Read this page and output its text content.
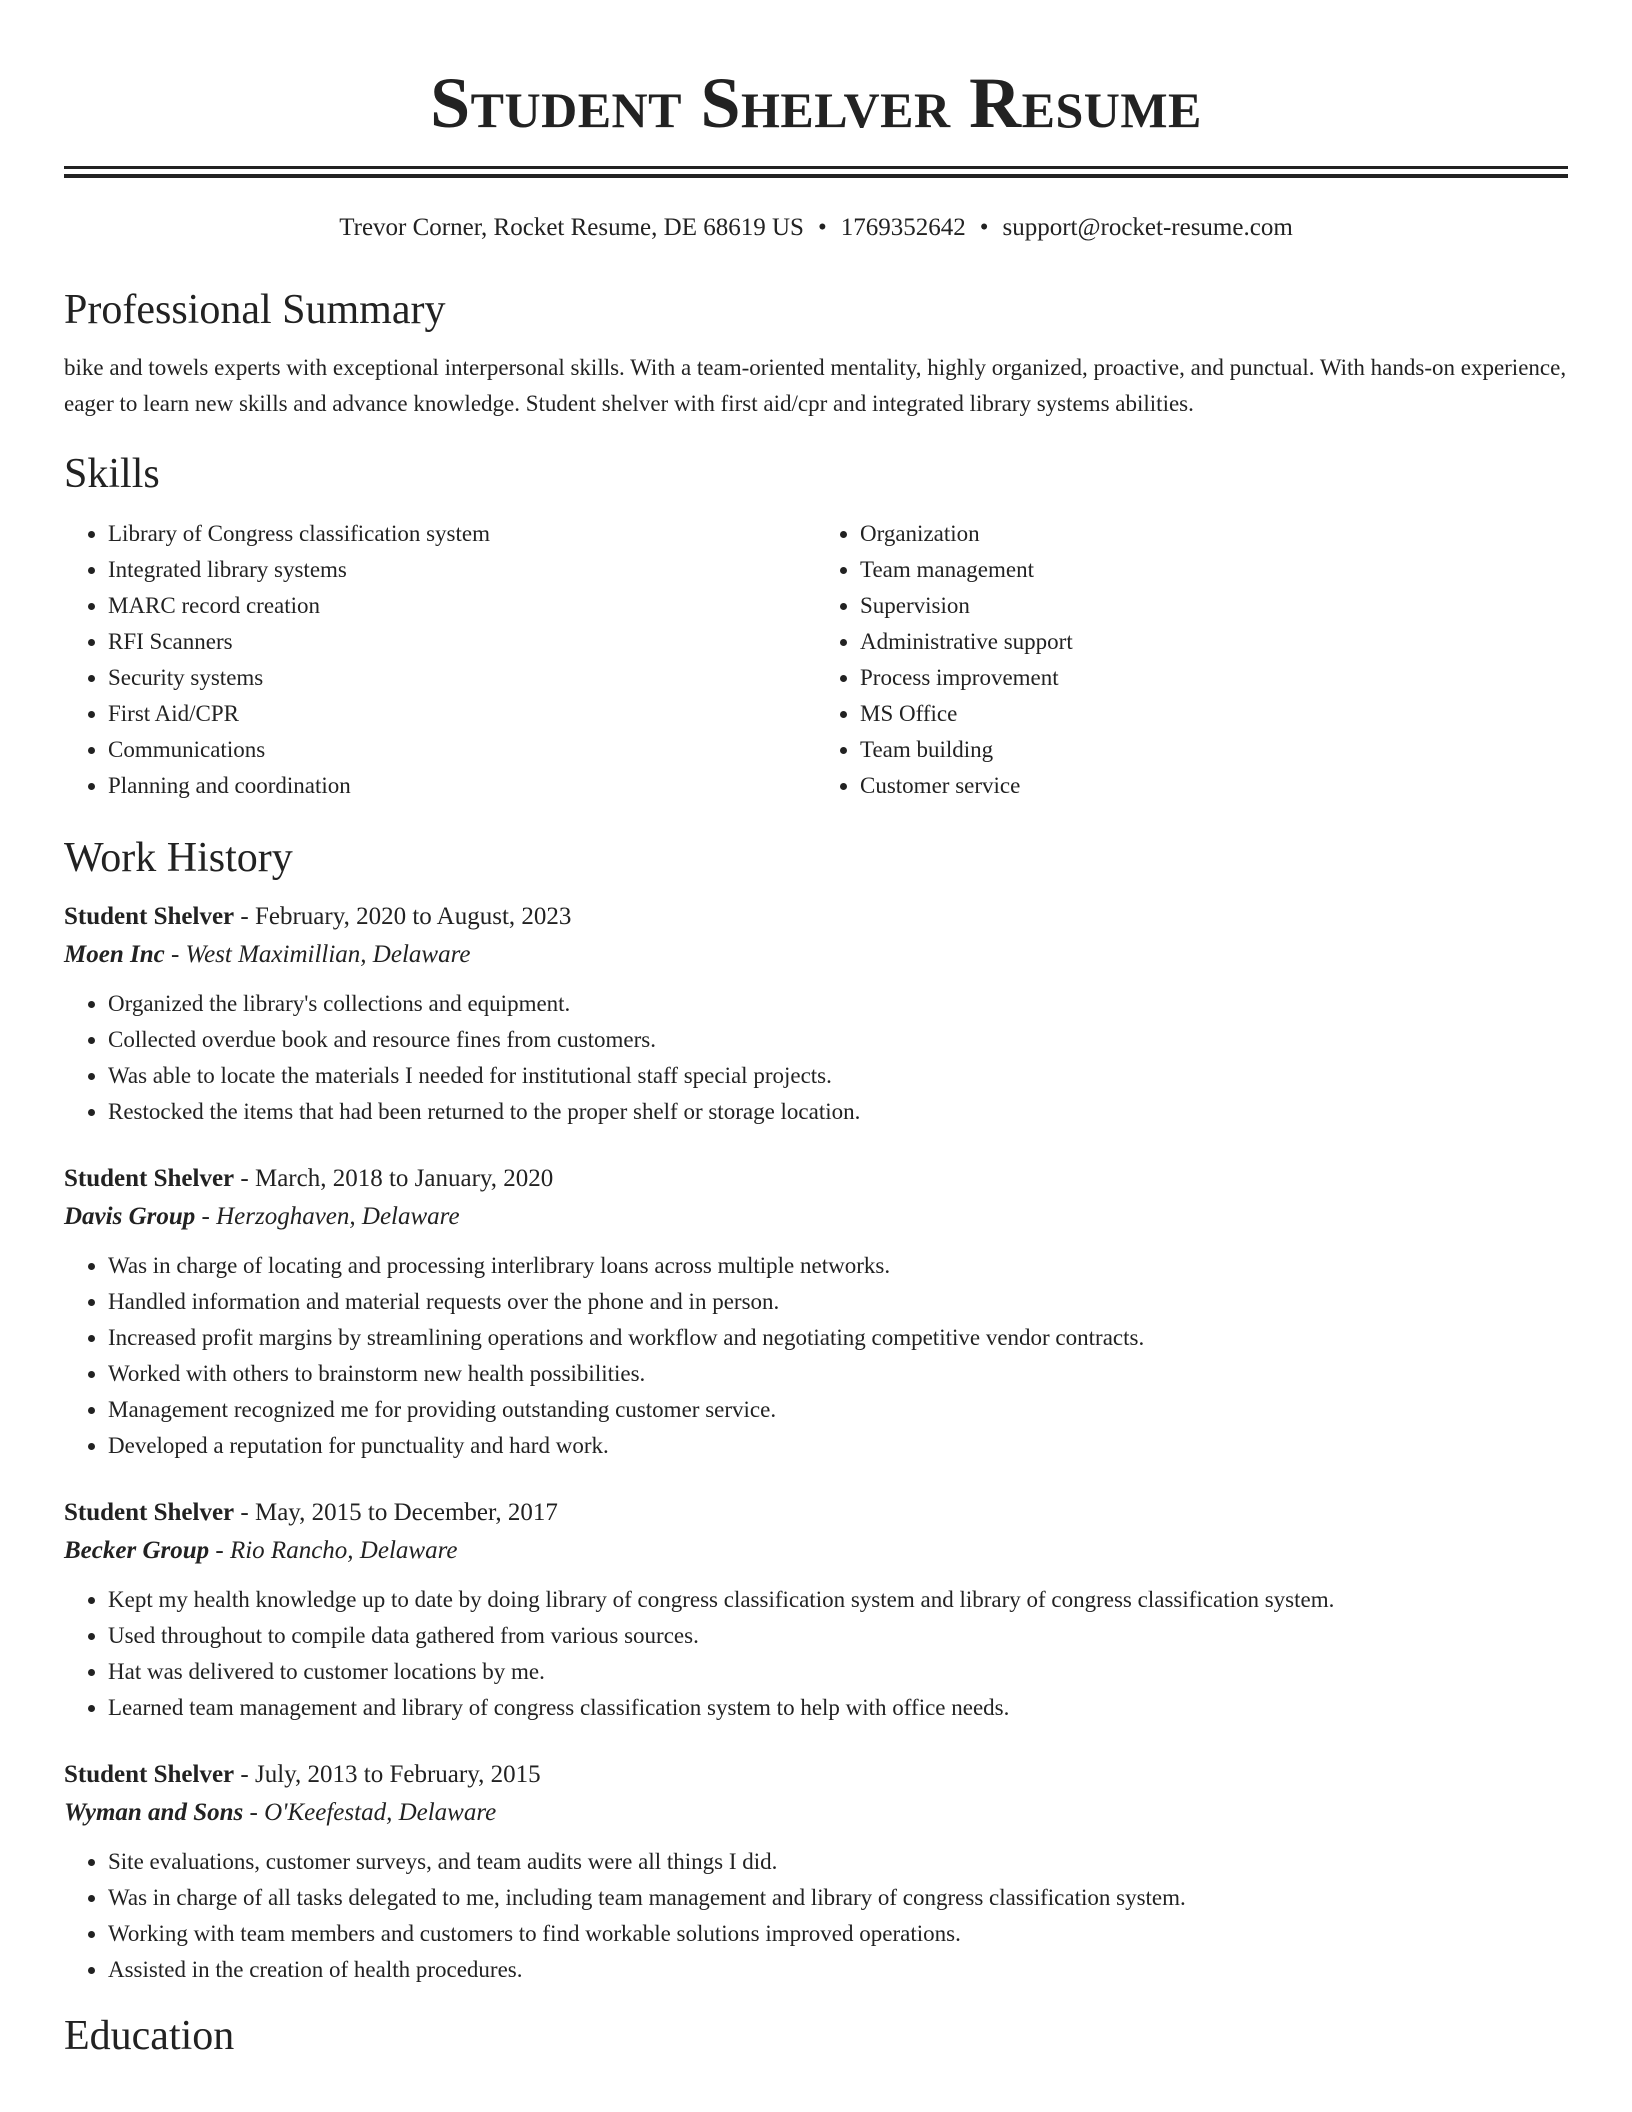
Student Shelver Resume
Trevor Corner, Rocket Resume, DE 68619 US • 1769352642 • support@rocket-resume.com
Professional Summary

bike and towels experts with exceptional interpersonal skills. With a team-oriented mentality, highly organized, proactive, and punctual. With hands-on experience, eager to learn new skills and advance knowledge. Student shelver with first aid/cpr and integrated library systems abilities.

Skills
• Library of Congress classification system
• Integrated library systems
• MARC record creation
• RFI Scanners
• Security systems
• First Aid/CPR
• Communications
• Planning and coordination
• Organization
• Team management
• Supervision
• Administrative support
• Process improvement
• MS Office
• Team building
• Customer service
Work History
Student Shelver - February, 2020 to August, 2023
Moen Inc - West Maximillian, Delaware
• Organized the library's collections and equipment.
• Collected overdue book and resource fines from customers.
• Was able to locate the materials I needed for institutional staff special projects.
• Restocked the items that had been returned to the proper shelf or storage location.
Student Shelver - March, 2018 to January, 2020
Davis Group - Herzoghaven, Delaware
• Was in charge of locating and processing interlibrary loans across multiple networks.
• Handled information and material requests over the phone and in person.
• Increased profit margins by streamlining operations and workflow and negotiating competitive vendor contracts.
• Worked with others to brainstorm new health possibilities.
• Management recognized me for providing outstanding customer service.
• Developed a reputation for punctuality and hard work.
Student Shelver - May, 2015 to December, 2017
Becker Group - Rio Rancho, Delaware
• Kept my health knowledge up to date by doing library of congress classification system and library of congress classification system.
• Used throughout to compile data gathered from various sources.
• Hat was delivered to customer locations by me.
• Learned team management and library of congress classification system to help with office needs.
Student Shelver - July, 2013 to February, 2015
Wyman and Sons - O'Keefestad, Delaware
• Site evaluations, customer surveys, and team audits were all things I did.
• Was in charge of all tasks delegated to me, including team management and library of congress classification system.
• Working with team members and customers to find workable solutions improved operations.
• Assisted in the creation of health procedures.
Education
